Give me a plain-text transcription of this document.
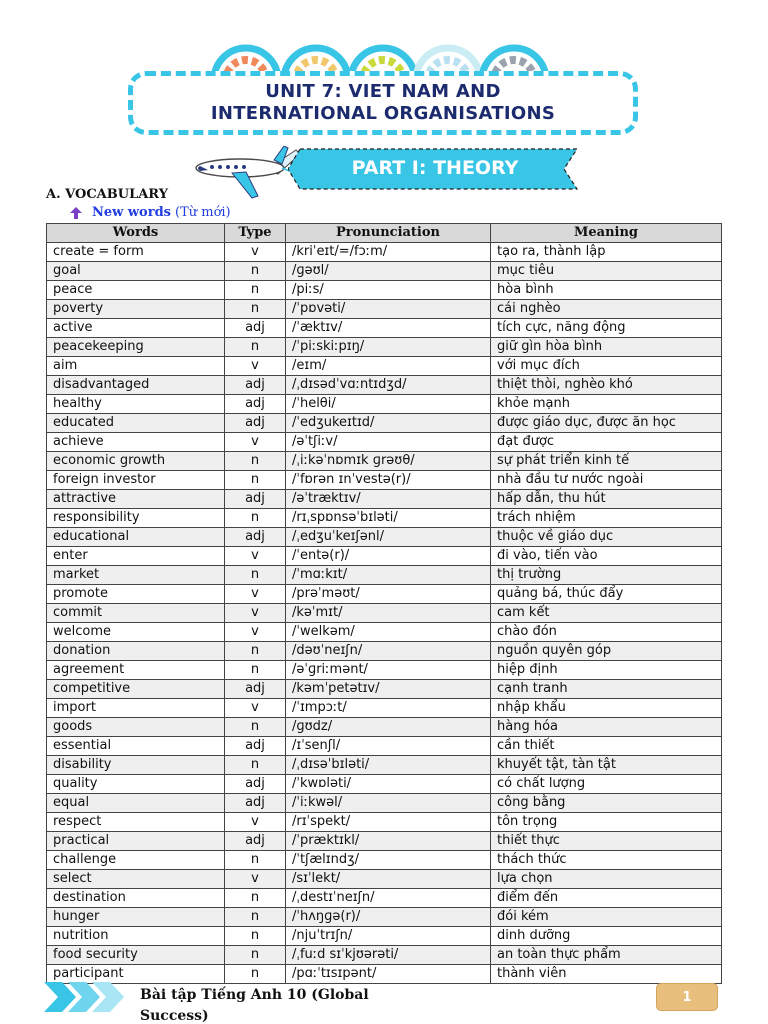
UNIT 7: VIET NAM AND
INTERNATIONAL ORGANISATIONS
PART I: THEORY
A. VOCABULARY
New words (Từ mới)
Words	Type	Pronunciation	Meaning
create = form	v	/kriˈeɪt/=/fɔːm/	tạo ra, thành lập
goal	n	/ɡəʊl/	mục tiêu
peace	n	/piːs/	hòa bình
poverty	n	/ˈpɒvəti/	cái nghèo
active	adj	/ˈæktɪv/	tích cực, năng động
peacekeeping	n	/ˈpiːskiːpɪŋ/	giữ gìn hòa bình
aim	v	/eɪm/	với mục đích
disadvantaged	adj	/ˌdɪsədˈvɑːntɪdʒd/	thiệt thòi, nghèo khó
healthy	adj	/ˈhelθi/	khỏe mạnh
educated	adj	/ˈedʒukeɪtɪd/	được giáo dục, được ăn học
achieve	v	/əˈtʃiːv/	đạt được
economic growth	n	/ˌiːkəˈnɒmɪk ɡrəʊθ/	sự phát triển kinh tế
foreign investor	n	/ˈfɒrən ɪnˈvestə(r)/	nhà đầu tư nước ngoài
attractive	adj	/əˈtræktɪv/	hấp dẫn, thu hút
responsibility	n	/rɪˌspɒnsəˈbɪləti/	trách nhiệm
educational	adj	/ˌedʒuˈkeɪʃənl/	thuộc về giáo dục
enter	v	/ˈentə(r)/	đi vào, tiến vào
market	n	/ˈmɑːkɪt/	thị trường
promote	v	/prəˈməʊt/	quảng bá, thúc đẩy
commit	v	/kəˈmɪt/	cam kết
welcome	v	/ˈwelkəm/	chào đón
donation	n	/dəʊˈneɪʃn/	nguồn quyên góp
agreement	n	/əˈɡriːmənt/	hiệp định
competitive	adj	/kəmˈpetətɪv/	cạnh tranh
import	v	/ˈɪmpɔːt/	nhập khẩu
goods	n	/ɡʊdz/	hàng hóa
essential	adj	/ɪˈsenʃl/	cần thiết
disability	n	/ˌdɪsəˈbɪləti/	khuyết tật, tàn tật
quality	adj	/ˈkwɒləti/	có chất lượng
equal	adj	/ˈiːkwəl/	công bằng
respect	v	/rɪˈspekt/	tôn trọng
practical	adj	/ˈpræktɪkl/	thiết thực
challenge	n	/ˈtʃælɪndʒ/	thách thức
select	v	/sɪˈlekt/	lựa chọn
destination	n	/ˌdestɪˈneɪʃn/	điểm đến
hunger	n	/ˈhʌŋɡə(r)/	đói kém
nutrition	n	/njuˈtrɪʃn/	dinh dưỡng
food security	n	/ˌfuːd sɪˈkjʊərəti/	an toàn thực phẩm
participant	n	/pɑːˈtɪsɪpənt/	thành viên
Bài tập Tiếng Anh 10 (Global
Success)
1
